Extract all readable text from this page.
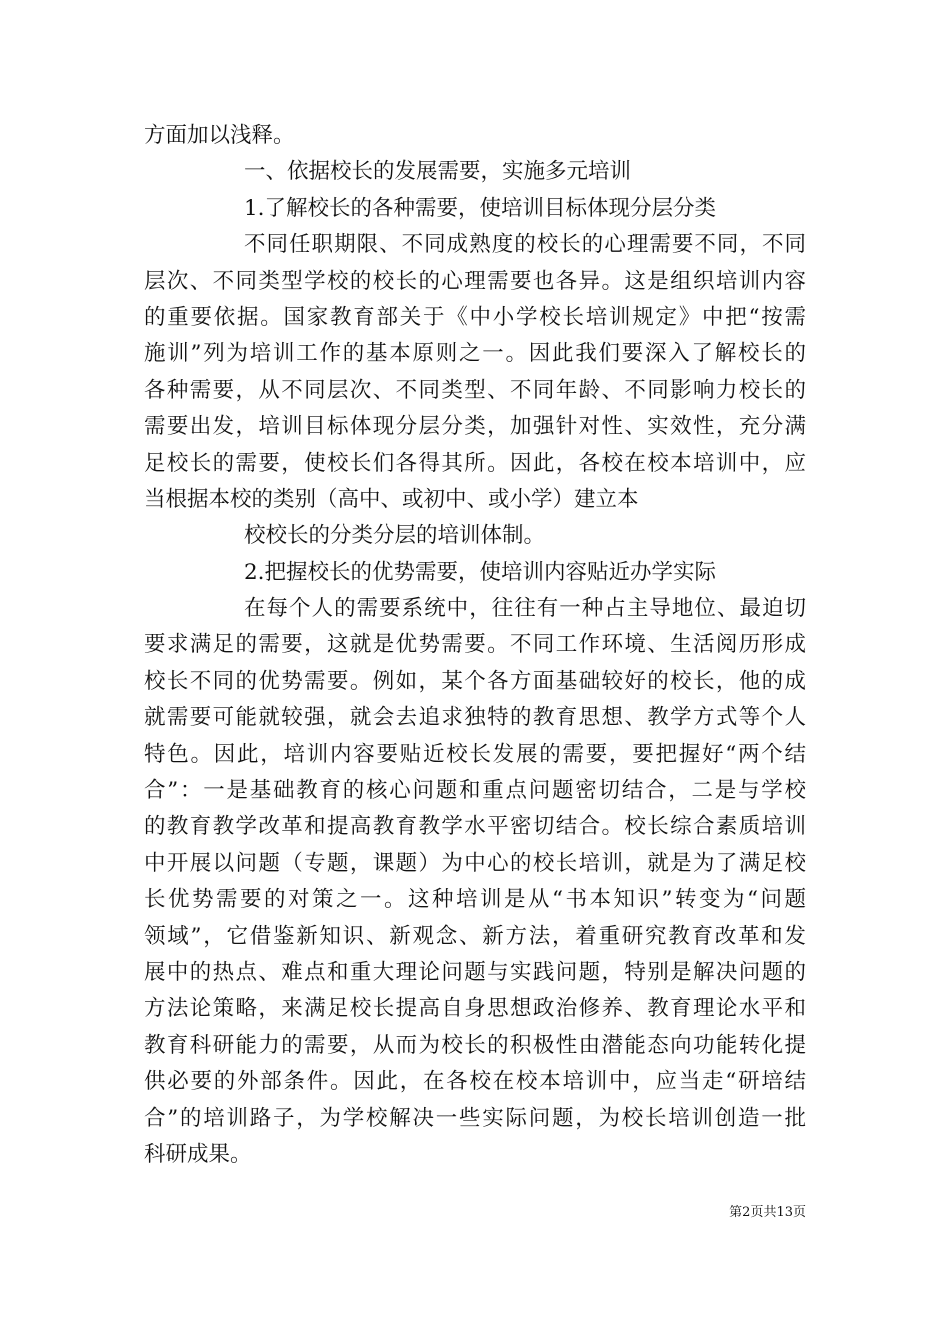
方面加以浅释。
一、依据校长的发展需要，实施多元培训
1.了解校长的各种需要，使培训目标体现分层分类
不同任职期限、不同成熟度的校长的心理需要不同，不同
层次、不同类型学校的校长的心理需要也各异。这是组织培训内容
的重要依据。国家教育部关于《中小学校长培训规定》中把“按需
施训”列为培训工作的基本原则之一。因此我们要深入了解校长的
各种需要，从不同层次、不同类型、不同年龄、不同影响力校长的
需要出发，培训目标体现分层分类，加强针对性、实效性，充分满
足校长的需要，使校长们各得其所。因此，各校在校本培训中，应
当根据本校的类别（高中、或初中、或小学）建立本
校校长的分类分层的培训体制。
2.把握校长的优势需要，使培训内容贴近办学实际
在每个人的需要系统中，往往有一种占主导地位、最迫切
要求满足的需要，这就是优势需要。不同工作环境、生活阅历形成
校长不同的优势需要。例如，某个各方面基础较好的校长，他的成
就需要可能就较强，就会去追求独特的教育思想、教学方式等个人
特色。因此，培训内容要贴近校长发展的需要，要把握好“两个结
合”：一是基础教育的核心问题和重点问题密切结合，二是与学校
的教育教学改革和提高教育教学水平密切结合。校长综合素质培训
中开展以问题（专题，课题）为中心的校长培训，就是为了满足校
长优势需要的对策之一。这种培训是从“书本知识”转变为“问题
领域”，它借鉴新知识、新观念、新方法，着重研究教育改革和发
展中的热点、难点和重大理论问题与实践问题，特别是解决问题的
方法论策略，来满足校长提高自身思想政治修养、教育理论水平和
教育科研能力的需要，从而为校长的积极性由潜能态向功能转化提
供必要的外部条件。因此，在各校在校本培训中，应当走“研培结
合”的培训路子，为学校解决一些实际问题，为校长培训创造一批
科研成果。
第2页共13页
